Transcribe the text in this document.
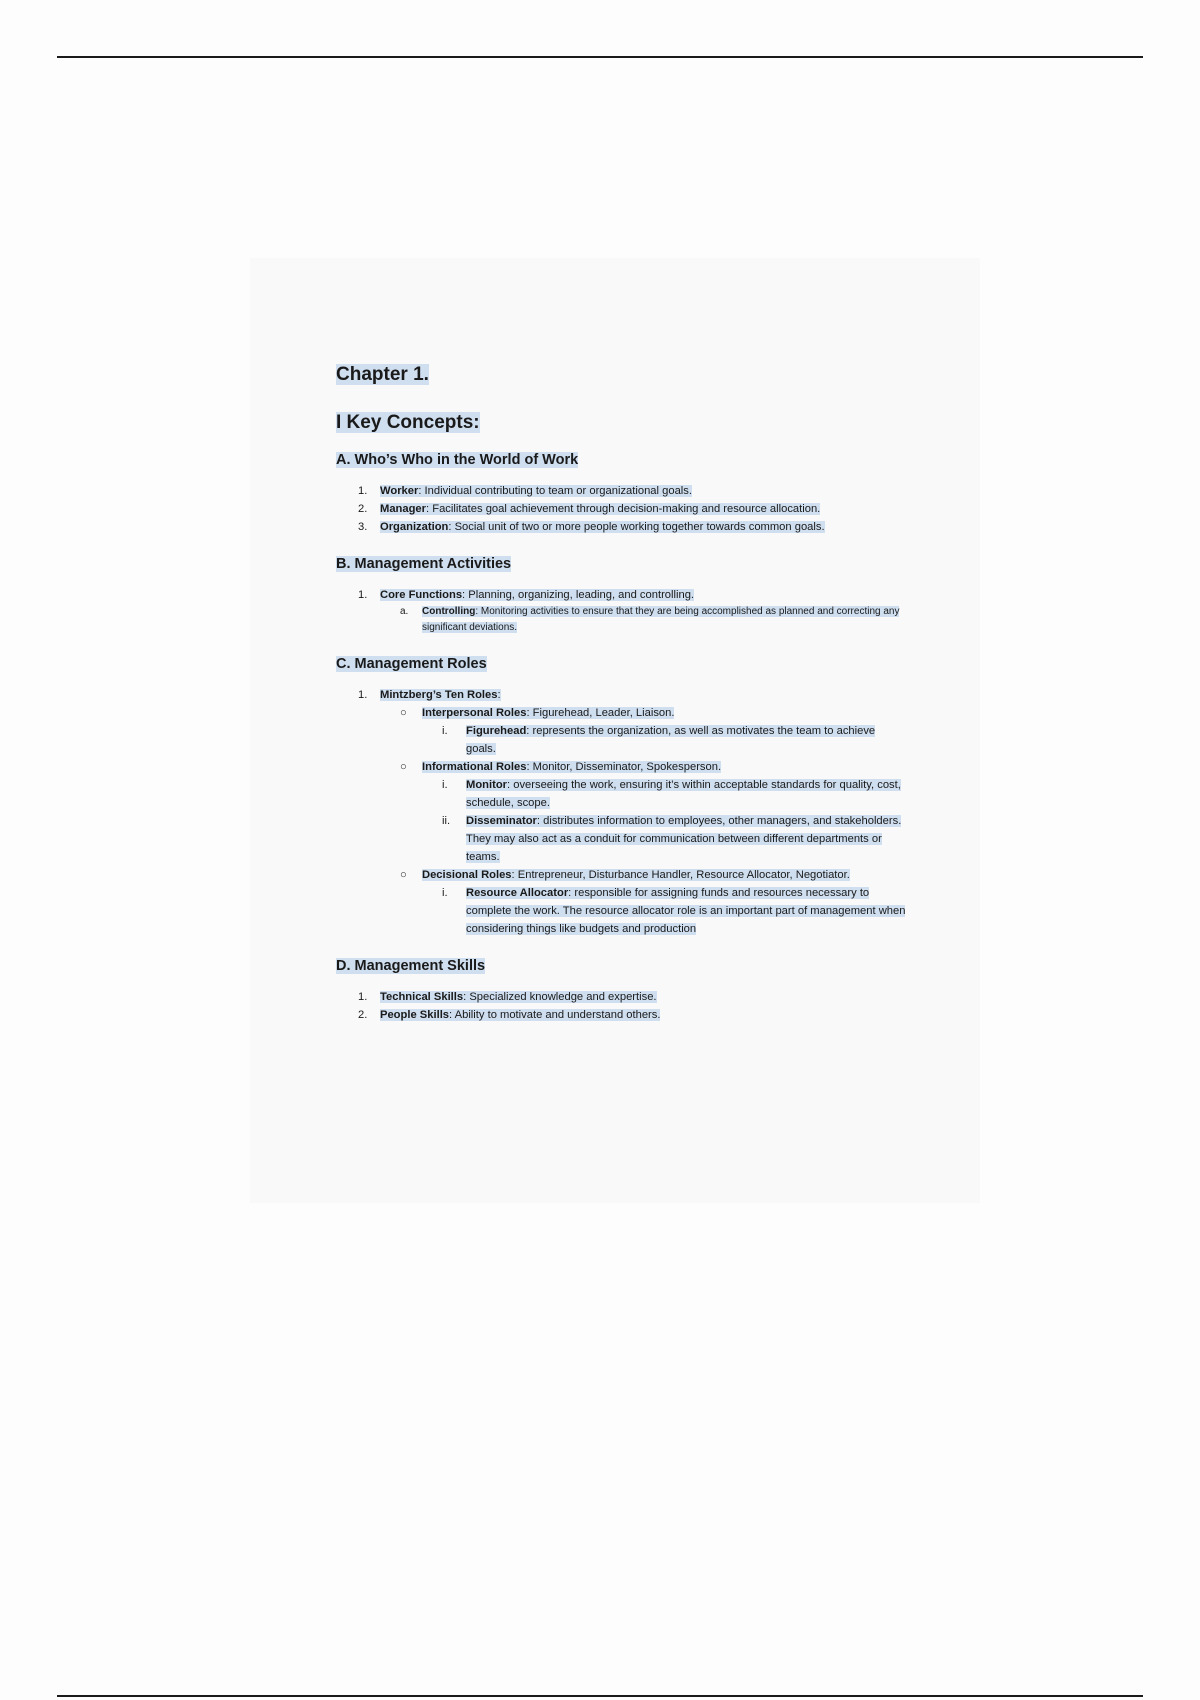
Chapter 1.
I Key Concepts:
A. Who’s Who in the World of Work
1. Worker: Individual contributing to team or organizational goals.
2. Manager: Facilitates goal achievement through decision-making and resource allocation.
3. Organization: Social unit of two or more people working together towards common goals.
B. Management Activities
1. Core Functions: Planning, organizing, leading, and controlling.
a. Controlling: Monitoring activities to ensure that they are being accomplished as planned and correcting any significant deviations.
C. Management Roles
1. Mintzberg’s Ten Roles:
○ Interpersonal Roles: Figurehead, Leader, Liaison.
i. Figurehead: represents the organization, as well as motivates the team to achieve goals.
○ Informational Roles: Monitor, Disseminator, Spokesperson.
i. Monitor: overseeing the work, ensuring it’s within acceptable standards for quality, cost, schedule, scope.
ii. Disseminator: distributes information to employees, other managers, and stakeholders. They may also act as a conduit for communication between different departments or teams.
○ Decisional Roles: Entrepreneur, Disturbance Handler, Resource Allocator, Negotiator.
i. Resource Allocator: responsible for assigning funds and resources necessary to complete the work. The resource allocator role is an important part of management when considering things like budgets and production
D. Management Skills
1. Technical Skills: Specialized knowledge and expertise.
2. People Skills: Ability to motivate and understand others.
